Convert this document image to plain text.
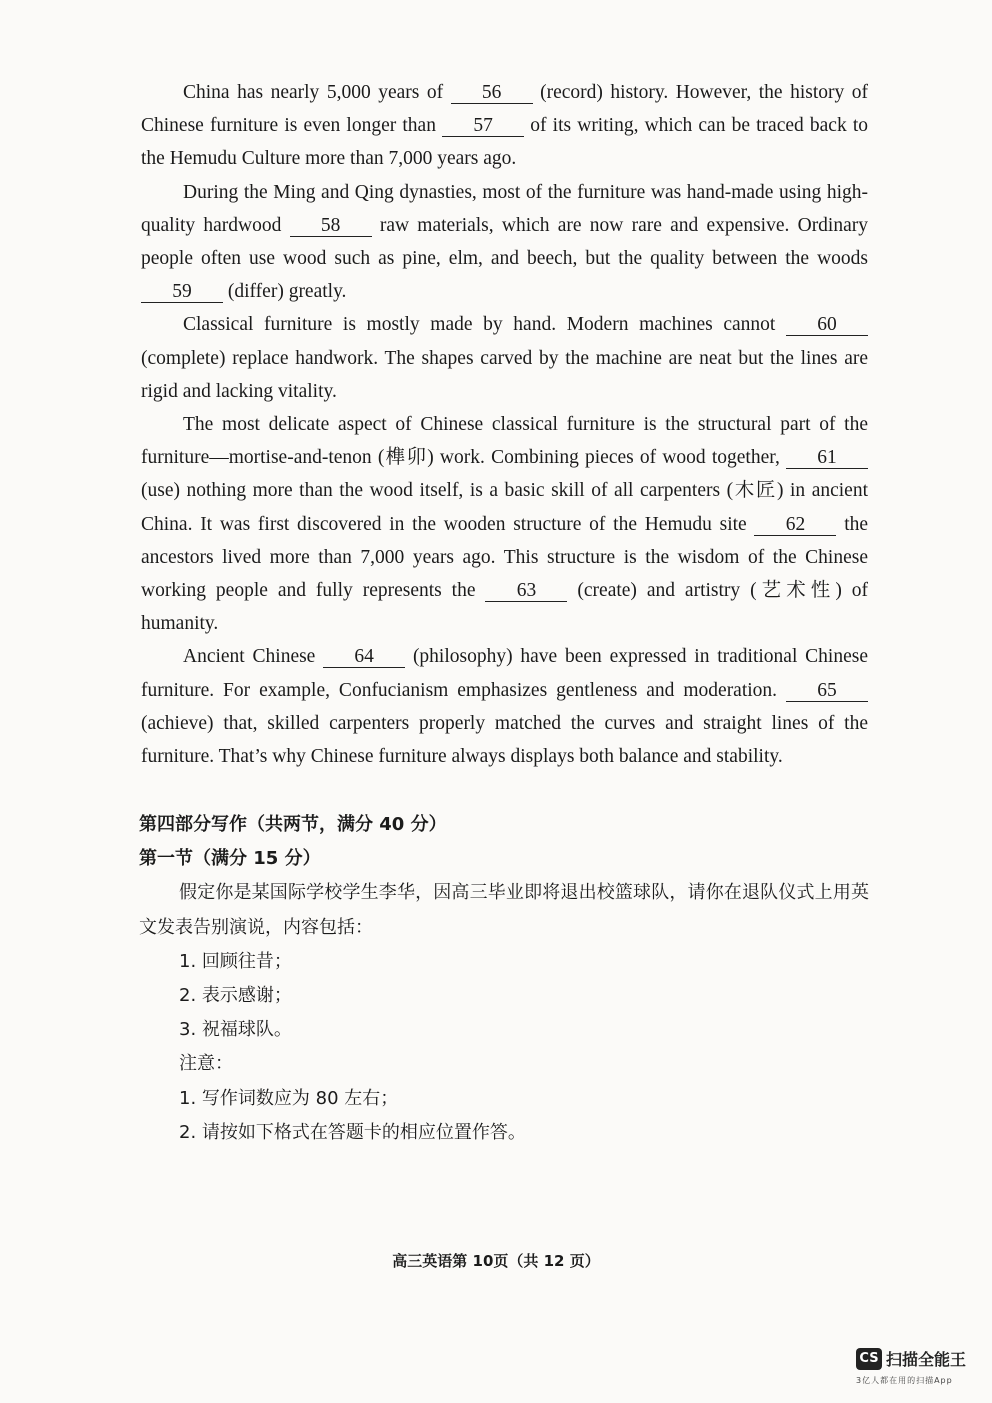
China has nearly 5,000 years of 56 (record) history. However, the history of Chinese furniture is even longer than 57 of its writing, which can be traced back to the Hemudu Culture more than 7,000 years ago.

During the Ming and Qing dynasties, most of the furniture was hand-made using high-quality hardwood 58 raw materials, which are now rare and expensive. Ordinary people often use wood such as pine, elm, and beech, but the quality between the woods 59 (differ) greatly.

Classical furniture is mostly made by hand. Modern machines cannot 60 (complete) replace handwork. The shapes carved by the machine are neat but the lines are rigid and lacking vitality.

The most delicate aspect of Chinese classical furniture is the structural part of the furniture—mortise-and-tenon (榫卯) work. Combining pieces of wood together, 61 (use) nothing more than the wood itself, is a basic skill of all carpenters (木匠) in ancient China. It was first discovered in the wooden structure of the Hemudu site 62 the ancestors lived more than 7,000 years ago. This structure is the wisdom of the Chinese working people and fully represents the 63 (create) and artistry (艺术性) of humanity.

Ancient Chinese 64 (philosophy) have been expressed in traditional Chinese furniture. For example, Confucianism emphasizes gentleness and moderation. 65 (achieve) that, skilled carpenters properly matched the curves and straight lines of the furniture. That’s why Chinese furniture always displays both balance and stability.

第四部分写作（共两节，满分 40 分）

第一节（满分 15 分）

假定你是某国际学校学生李华，因高三毕业即将退出校篮球队，请你在退队仪式上用英文发表告别演说，内容包括：

1. 回顾往昔；

2. 表示感谢；

3. 祝福球队。

注意：

1. 写作词数应为 80 左右；

2. 请按如下格式在答题卡的相应位置作答。

高三英语第 10页（共 12 页）
CS 扫描全能王
3亿人都在用的扫描App
